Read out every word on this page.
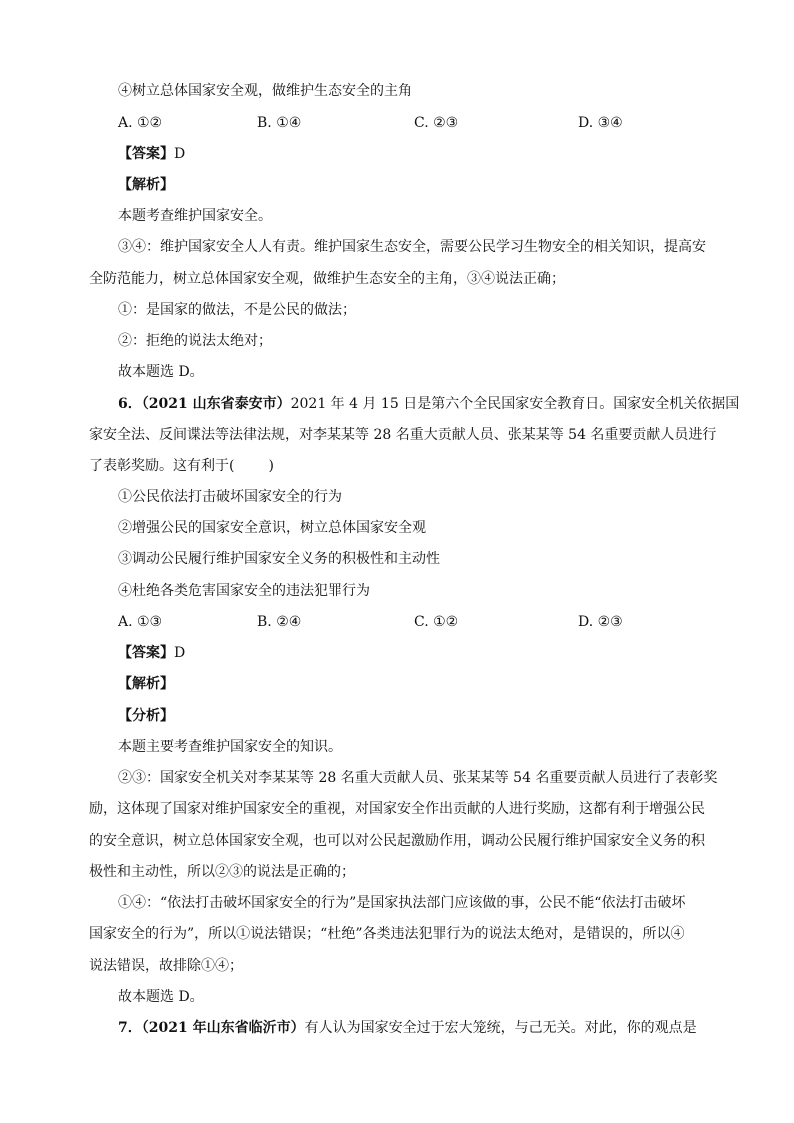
④树立总体国家安全观，做维护生态安全的主角
A. ①②	B. ①④	C. ②③	D. ③④
【答案】D
【解析】
本题考查维护国家安全。
③④：维护国家安全人人有责。维护国家生态安全，需要公民学习生物安全的相关知识，提高安
全防范能力，树立总体国家安全观，做维护生态安全的主角，③④说法正确；
①：是国家的做法，不是公民的做法；
②：拒绝的说法太绝对；
故本题选 D。
6．（2021 山东省泰安市）2021 年 4 月 15 日是第六个全民国家安全教育日。国家安全机关依据国
家安全法、反间谍法等法律法规，对李某某等 28 名重大贡献人员、张某某等 54 名重要贡献人员进行
了表彰奖励。这有利于( )
①公民依法打击破坏国家安全的行为
②增强公民的国家安全意识，树立总体国家安全观
③调动公民履行维护国家安全义务的积极性和主动性
④杜绝各类危害国家安全的违法犯罪行为
A. ①③	B. ②④	C. ①②	D. ②③
【答案】D
【解析】
【分析】
本题主要考查维护国家安全的知识。
②③：国家安全机关对李某某等 28 名重大贡献人员、张某某等 54 名重要贡献人员进行了表彰奖
励，这体现了国家对维护国家安全的重视，对国家安全作出贡献的人进行奖励，这都有利于增强公民
的安全意识，树立总体国家安全观，也可以对公民起激励作用，调动公民履行维护国家安全义务的积
极性和主动性，所以②③的说法是正确的；
①④：“依法打击破坏国家安全的行为”是国家执法部门应该做的事，公民不能“依法打击破坏
国家安全的行为”，所以①说法错误；“杜绝”各类违法犯罪行为的说法太绝对，是错误的，所以④
说法错误，故排除①④；
故本题选 D。
7．（2021 年山东省临沂市）有人认为国家安全过于宏大笼统，与己无关。对此，你的观点是
